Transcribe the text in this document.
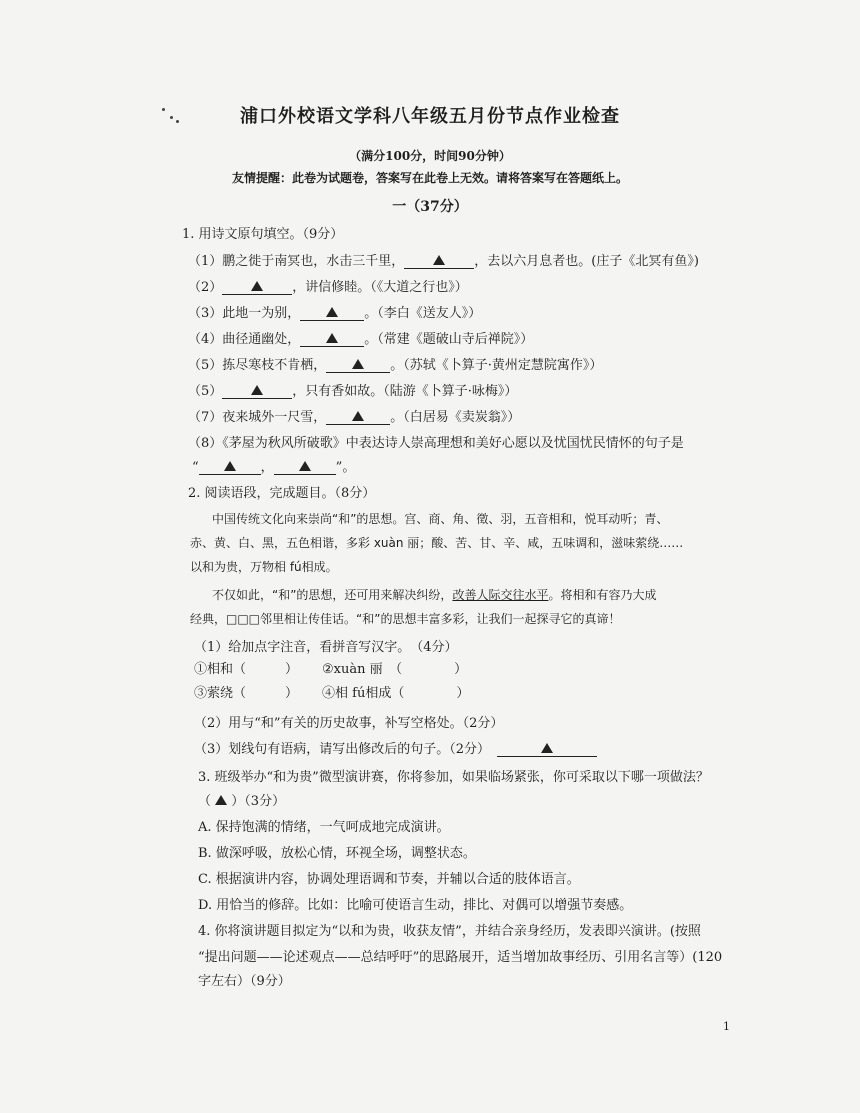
浦口外校语文学科八年级五月份节点作业检查
（满分100分，时间90分钟）
友情提醒：此卷为试题卷，答案写在此卷上无效。请将答案写在答题纸上。
一（37分）
1. 用诗文原句填空。（9分）
（1）鹏之徙于南冥也，水击三千里，	，去以六月息者也。(庄子《北冥有鱼》)
（2）	，讲信修睦。（《大道之行也》）
（3）此地一为别，	。（李白《送友人》）
（4）曲径通幽处，	。（常建《题破山寺后禅院》）
（5）拣尽寒枝不肯栖，	。（苏轼《卜算子·黄州定慧院寓作》）
（5）	，只有香如故。（陆游《卜算子·咏梅》）
（7）夜来城外一尺雪，	。（白居易《卖炭翁》）
（8）《茅屋为秋风所破歌》中表达诗人崇高理想和美好心愿以及忧国忧民情怀的句子是
“	，	”。
2. 阅读语段，完成题目。（8分）
中国传统文化向来崇尚“和”的思想。宫、商、角、徵、羽，五音相和，悦耳动听；青、
赤、黄、白、黑，五色相谐，多彩 xuàn 丽；酸、苦、甘、辛、咸，五味调和，滋味萦绕……
以和为贵，万物相 fú相成。
不仅如此，“和”的思想，还可用来解决纠纷，改善人际交往水平。将相和有容乃大成
经典，□□□邻里相让传佳话。“和”的思想丰富多彩，让我们一起探寻它的真谛！
（1）给加点字注音，看拼音写汉字。　（4分）
①相和（　　　） ②xuàn 丽　（　　　　）
③萦绕（　　　） ④相 fú相成（　　　　）
（2）用与“和”有关的历史故事，补写空格处。（2分）
（3）划线句有语病，请写出修改后的句子。（2分）　
3. 班级举办“和为贵”微型演讲赛，你将参加，如果临场紧张，你可采取以下哪一项做法？
（ ）（3分）
A. 保持饱满的情绪，一气呵成地完成演讲。
B. 做深呼吸，放松心情，环视全场，调整状态。
C. 根据演讲内容，协调处理语调和节奏，并辅以合适的肢体语言。
D. 用恰当的修辞。比如：比喻可使语言生动，排比、对偶可以增强节奏感。
4. 你将演讲题目拟定为“以和为贵，收获友情”，并结合亲身经历，发表即兴演讲。(按照
“提出问题——论述观点——总结呼吁”的思路展开，适当增加故事经历、引用名言等）(120
字左右）（9分）
1
